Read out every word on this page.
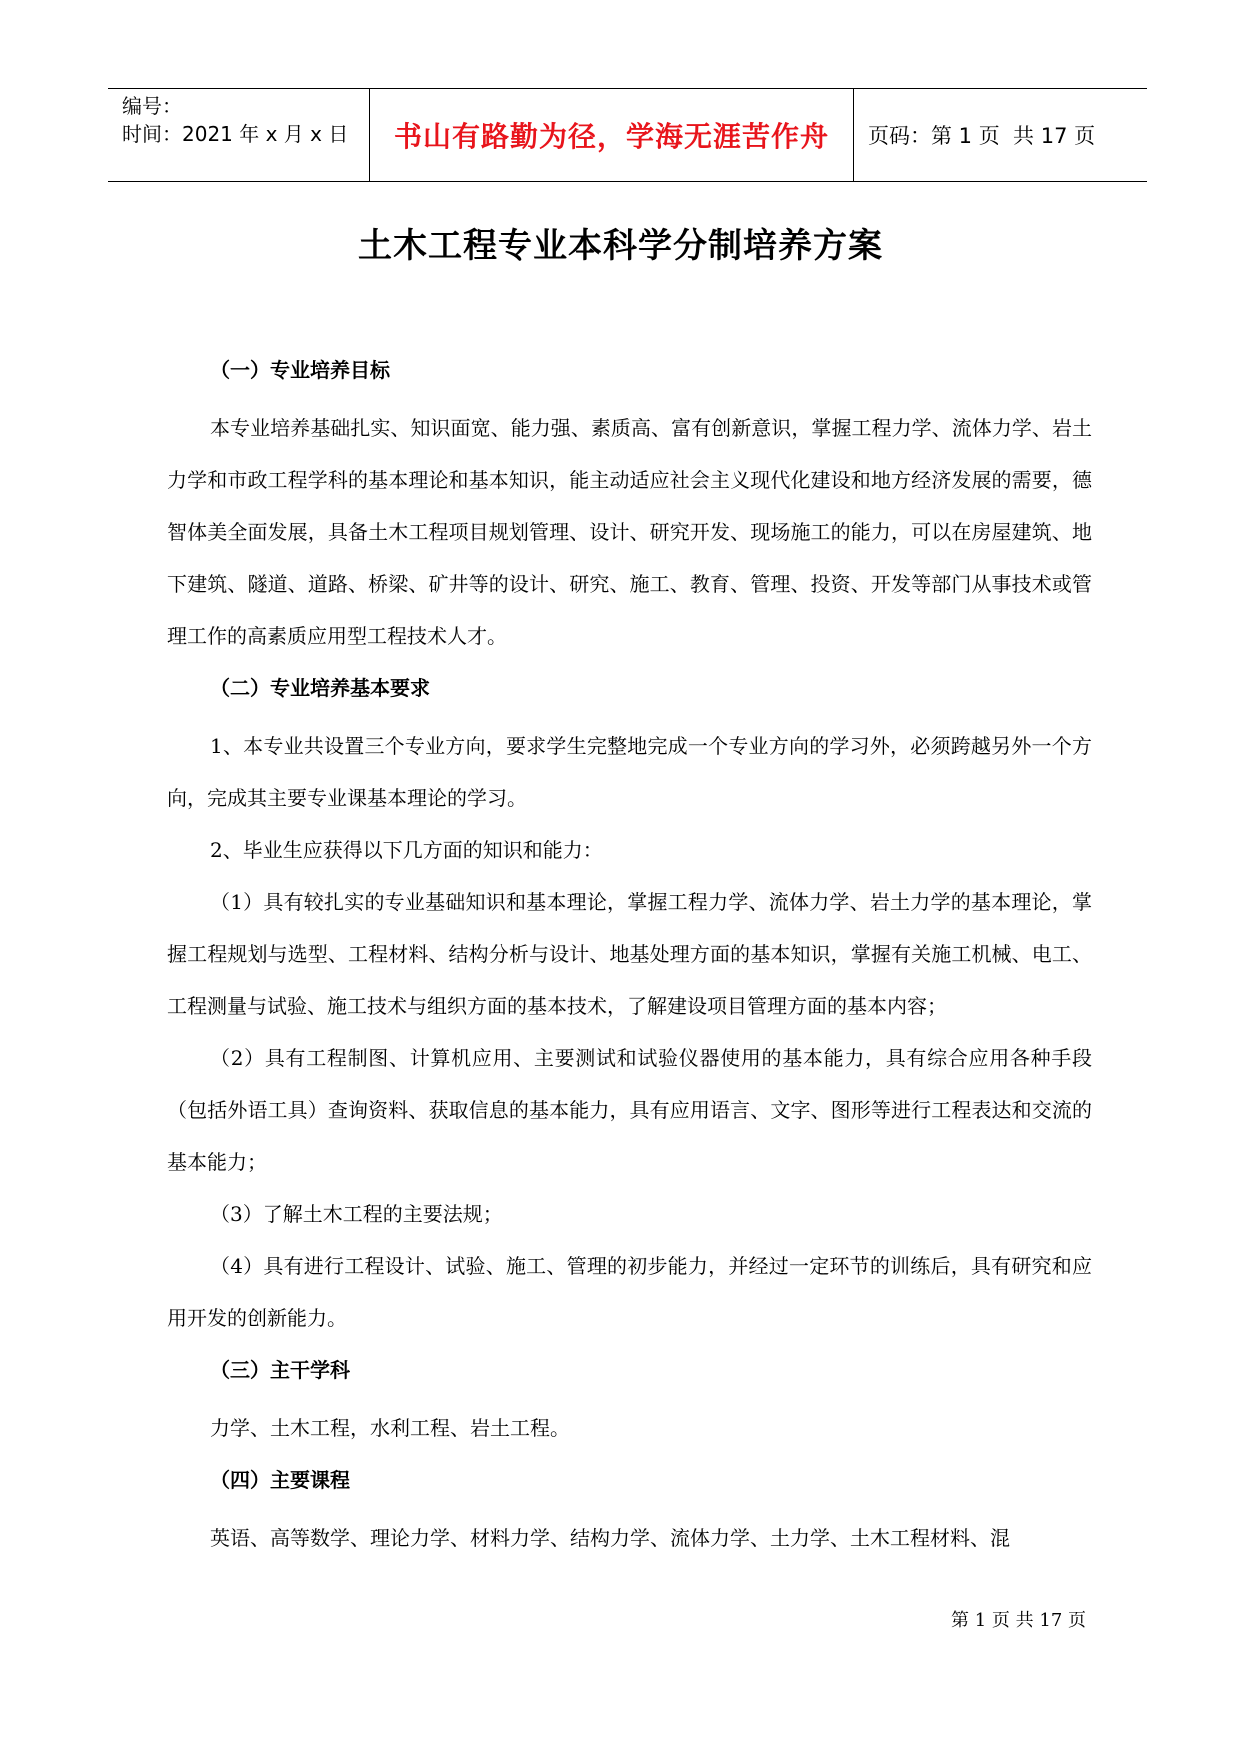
编号：
时间：2021 年 x 月 x 日	书山有路勤为径，学海无涯苦作舟 页码：第 1 页  共 17 页
土木工程专业本科学分制培养方案
（一）专业培养目标
本专业培养基础扎实、知识面宽、能力强、素质高、富有创新意识，掌握工程力学、流体力学、岩土力学和市政工程学科的基本理论和基本知识，能主动适应社会主义现代化建设和地方经济发展的需要，德智体美全面发展，具备土木工程项目规划管理、设计、研究开发、现场施工的能力，可以在房屋建筑、地下建筑、隧道、道路、桥梁、矿井等的设计、研究、施工、教育、管理、投资、开发等部门从事技术或管理工作的高素质应用型工程技术人才。
（二）专业培养基本要求
1、本专业共设置三个专业方向，要求学生完整地完成一个专业方向的学习外，必须跨越另外一个方向，完成其主要专业课基本理论的学习。
2、毕业生应获得以下几方面的知识和能力：
（1）具有较扎实的专业基础知识和基本理论，掌握工程力学、流体力学、岩土力学的基本理论，掌握工程规划与选型、工程材料、结构分析与设计、地基处理方面的基本知识，掌握有关施工机械、电工、工程测量与试验、施工技术与组织方面的基本技术，了解建设项目管理方面的基本内容；
（2）具有工程制图、计算机应用、主要测试和试验仪器使用的基本能力，具有综合应用各种手段（包括外语工具）查询资料、获取信息的基本能力，具有应用语言、文字、图形等进行工程表达和交流的基本能力；
（3）了解土木工程的主要法规；
（4）具有进行工程设计、试验、施工、管理的初步能力，并经过一定环节的训练后，具有研究和应用开发的创新能力。
（三）主干学科
力学、土木工程，水利工程、岩土工程。
（四）主要课程
英语、高等数学、理论力学、材料力学、结构力学、流体力学、土力学、土木工程材料、混
第 1 页 共 17 页
